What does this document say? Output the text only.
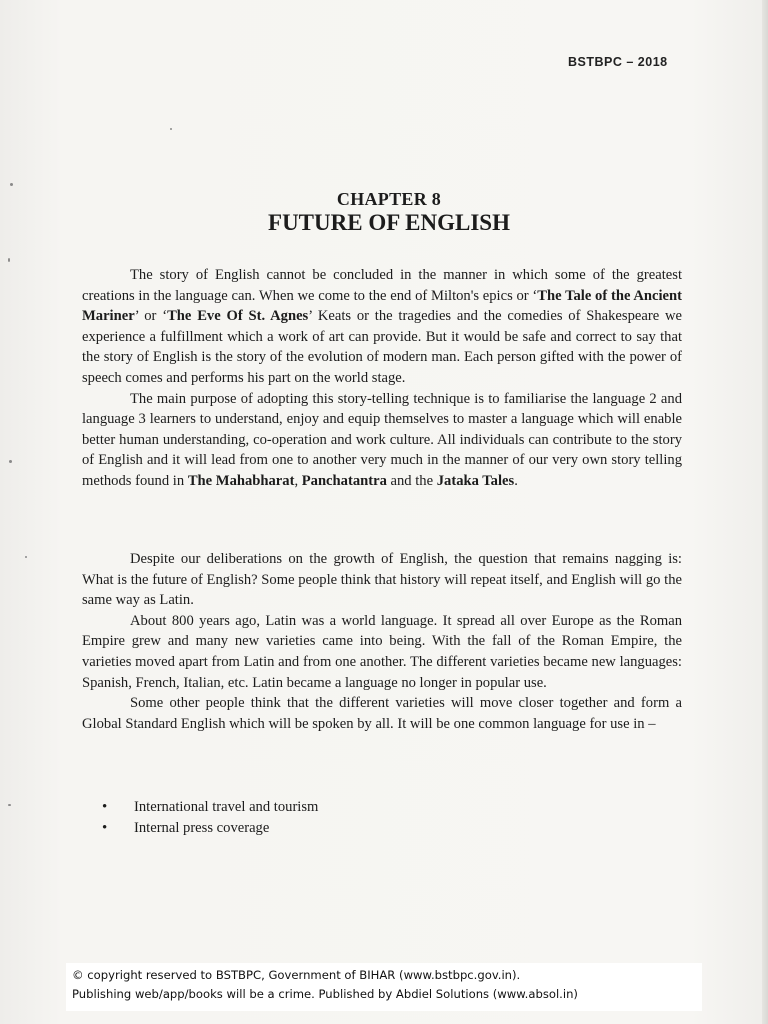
BSTBPC – 2018
CHAPTER 8
FUTURE OF ENGLISH

The story of English cannot be concluded in the manner in which some of the greatest creations in the language can. When we come to the end of Milton's epics or ‘The Tale of the Ancient Mariner’ or ‘The Eve Of St. Agnes’ Keats or the tragedies and the comedies of Shakespeare we experience a fulfillment which a work of art can provide. But it would be safe and correct to say that the story of English is the story of the evolution of modern man. Each person gifted with the power of speech comes and performs his part on the world stage.

The main purpose of adopting this story-telling technique is to familiarise the language 2 and language 3 learners to understand, enjoy and equip themselves to master a language which will enable better human understanding, co-operation and work culture. All individuals can contribute to the story of English and it will lead from one to another very much in the manner of our very own story telling methods found in The Mahabharat, Panchatantra and the Jataka Tales.

Despite our deliberations on the growth of English, the question that remains nagging is: What is the future of English? Some people think that history will repeat itself, and English will go the same way as Latin.

About 800 years ago, Latin was a world language. It spread all over Europe as the Roman Empire grew and many new varieties came into being. With the fall of the Roman Empire, the varieties moved apart from Latin and from one another. The different varieties became new languages: Spanish, French, Italian, etc. Latin became a language no longer in popular use.

Some other people think that the different varieties will move closer together and form a Global Standard English which will be spoken by all. It will be one common language for use in –

• International travel and tourism
• Internal press coverage
© copyright reserved to BSTBPC, Government of BIHAR (www.bstbpc.gov.in).
Publishing web/app/books will be a crime. Published by Abdiel Solutions (www.absol.in)
